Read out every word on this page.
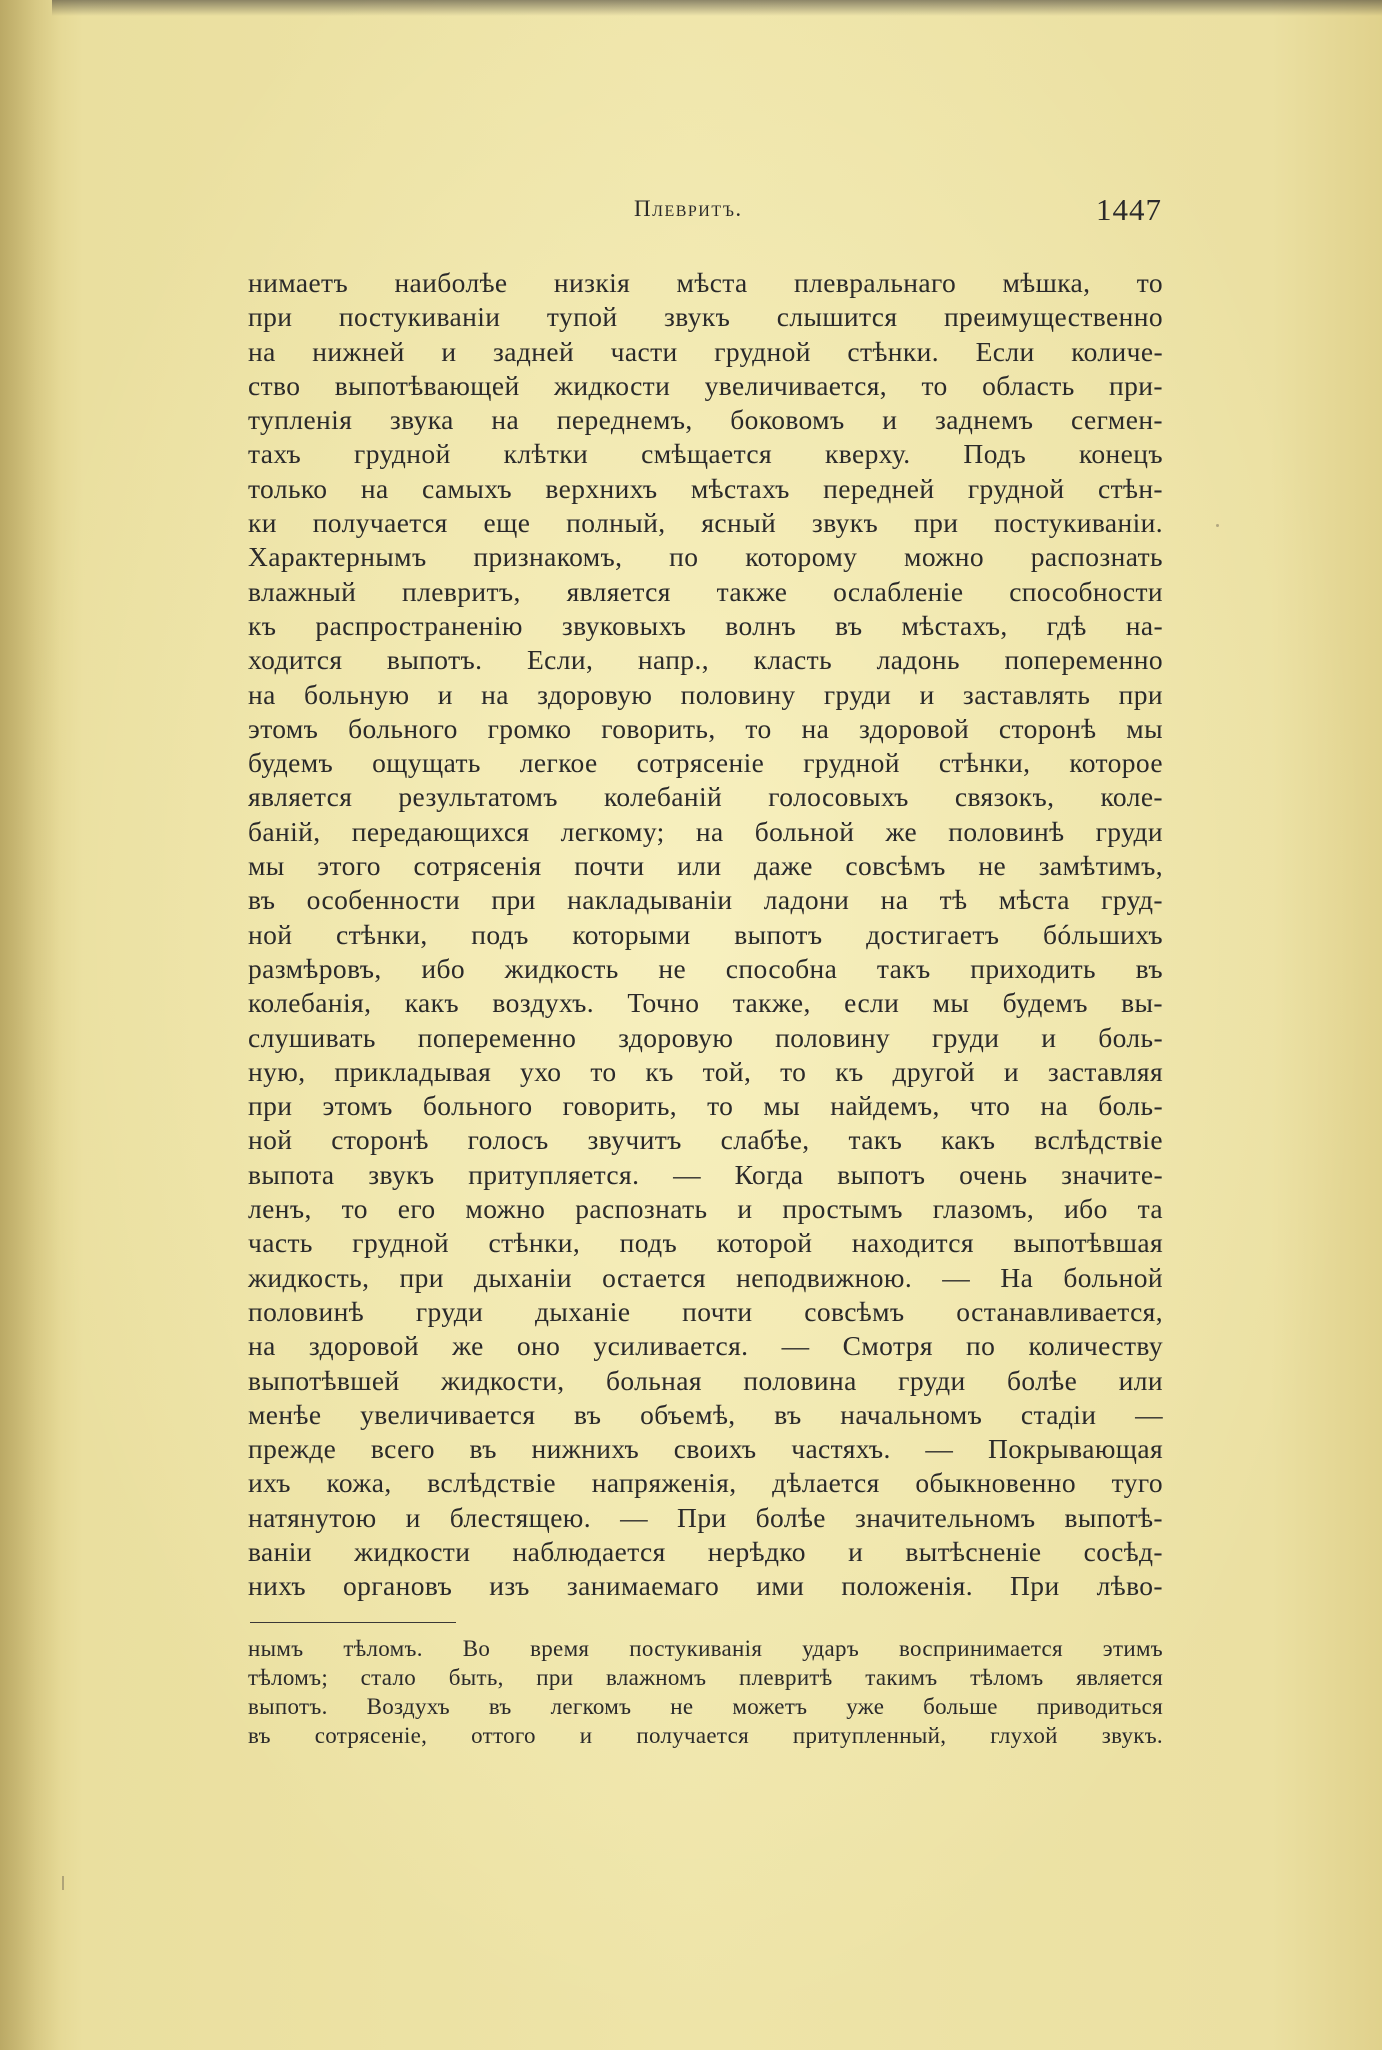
Плевритъ.	1447
нимаетъ наиболѣе низкія мѣста плевральнаго мѣшка, то
при постукиваніи тупой звукъ слышится преимущественно
на нижней и задней части грудной стѣнки. Если количе-
ство выпотѣвающей жидкости увеличивается, то область при-
тупленія звука на переднемъ, боковомъ и заднемъ сегмен-
тахъ грудной клѣтки смѣщается кверху. Подъ конецъ
только на самыхъ верхнихъ мѣстахъ передней грудной стѣн-
ки получается еще полный, ясный звукъ при постукиваніи.
Характернымъ признакомъ, по которому можно распознать
влажный плевритъ, является также ослабленіе способности
къ распространенію звуковыхъ волнъ въ мѣстахъ, гдѣ на-
ходится выпотъ. Если, напр., класть ладонь попеременно
на больную и на здоровую половину груди и заставлять при
этомъ больного громко говорить, то на здоровой сторонѣ мы
будемъ ощущать легкое сотрясеніе грудной стѣнки, которое
является результатомъ колебаній голосовыхъ связокъ, коле-
баній, передающихся легкому; на больной же половинѣ груди
мы этого сотрясенія почти или даже совсѣмъ не замѣтимъ,
въ особенности при накладываніи ладони на тѣ мѣста груд-
ной стѣнки, подъ которыми выпотъ достигаетъ бóльшихъ
размѣровъ, ибо жидкость не способна такъ приходить въ
колебанія, какъ воздухъ. Точно также, если мы будемъ вы-
слушивать попеременно здоровую половину груди и боль-
ную, прикладывая ухо то къ той, то къ другой и заставляя
при этомъ больного говорить, то мы найдемъ, что на боль-
ной сторонѣ голосъ звучитъ слабѣе, такъ какъ вслѣдствіе
выпота звукъ притупляется. — Когда выпотъ очень значите-
ленъ, то его можно распознать и простымъ глазомъ, ибо та
часть грудной стѣнки, подъ которой находится выпотѣвшая
жидкость, при дыханіи остается неподвижною. — На больной
половинѣ груди дыханіе почти совсѣмъ останавливается,
на здоровой же оно усиливается. — Смотря по количеству
выпотѣвшей жидкости, больная половина груди болѣе или
менѣе увеличивается въ объемѣ, въ начальномъ стадіи —
прежде всего въ нижнихъ своихъ частяхъ. — Покрывающая
ихъ кожа, вслѣдствіе напряженія, дѣлается обыкновенно туго
натянутою и блестящею. — При болѣе значительномъ выпотѣ-
ваніи жидкости наблюдается нерѣдко и вытѣсненіе сосѣд-
нихъ органовъ изъ занимаемаго ими положенія. При лѣво-
нымъ тѣломъ. Во время постукиванія ударъ воспринимается этимъ
тѣломъ; стало быть, при влажномъ плевритѣ такимъ тѣломъ является
выпотъ. Воздухъ въ легкомъ не можетъ уже больше приводиться
въ сотрясеніе, оттого и получается притупленный, глухой звукъ.
